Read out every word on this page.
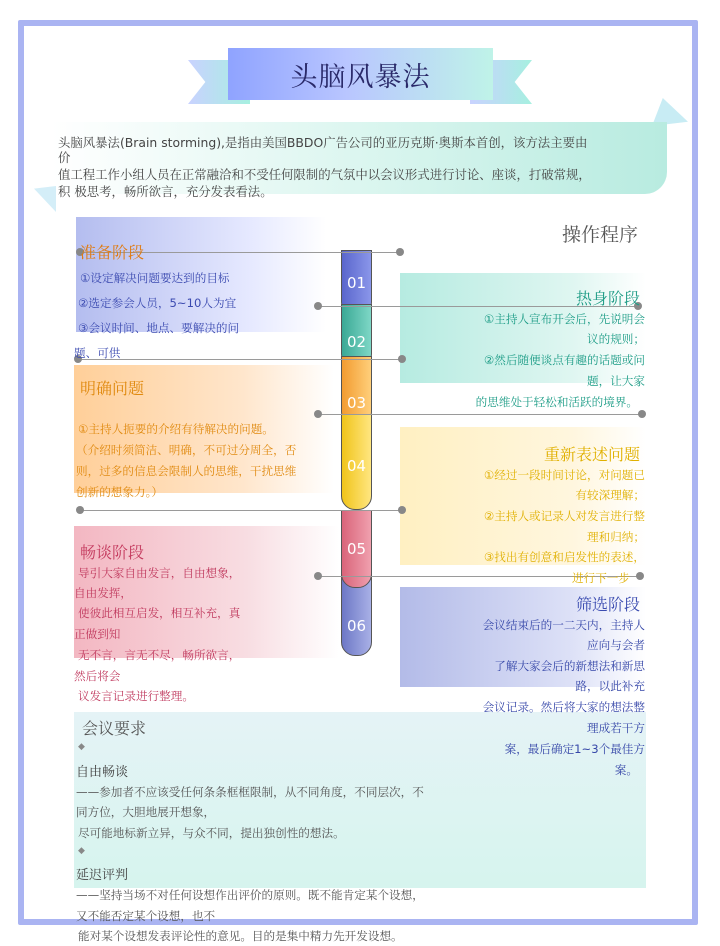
头脑风暴法
头脑风暴法(Brain storming),是指由美国BBDO广告公司的亚历克斯·奥斯本首创，该方法主要由
价
值工程工作小组人员在正常融洽和不受任何限制的气氛中以会议形式进行讨论、座谈，打破常规，
积 极思考，畅所欲言，充分发表看法。
操作程序
01
02
03
04
06
05
准备阶段
①设定解决问题要达到的目标
②选定参会人员，5~10人为宜
③会议时间、地点、要解决的问
题、可供
明确问题
①主持人扼要的介绍有待解决的问题。
（介绍时须简洁、明确，不可过分周全，否
则，过多的信息会限制人的思维，干扰思维
创新的想象力。）
畅谈阶段
导引大家自由发言，自由想象，
自由发挥，
使彼此相互启发，相互补充，真
正做到知
无不言，言无不尽，畅所欲言，
然后将会
议发言记录进行整理。
热身阶段
①主持人宣布开会后，先说明会
议的规则；
②然后随便谈点有趣的话题或问
题，让大家
的思维处于轻松和活跃的境界。
重新表述问题
①经过一段时间讨论，对问题已
有较深理解；
②主持人或记录人对发言进行整
理和归纳；
③找出有创意和启发性的表述，
进行下一步
筛选阶段
会议结束后的一二天内，主持人
应向与会者
了解大家会后的新想法和新思
路，以此补充
会议记录。然后将大家的想法整
理成若干方
案，最后确定1~3个最佳方
案。
会议要求
◆
自由畅谈
——参加者不应该受任何条条框框限制，从不同角度，不同层次，不
同方位，大胆地展开想象，
尽可能地标新立异，与众不同，提出独创性的想法。
◆
延迟评判
——坚持当场不对任何设想作出评价的原则。既不能肯定某个设想，
又不能否定某个设想，也不
能对某个设想发表评论性的意见。目的是集中精力先开发设想。
